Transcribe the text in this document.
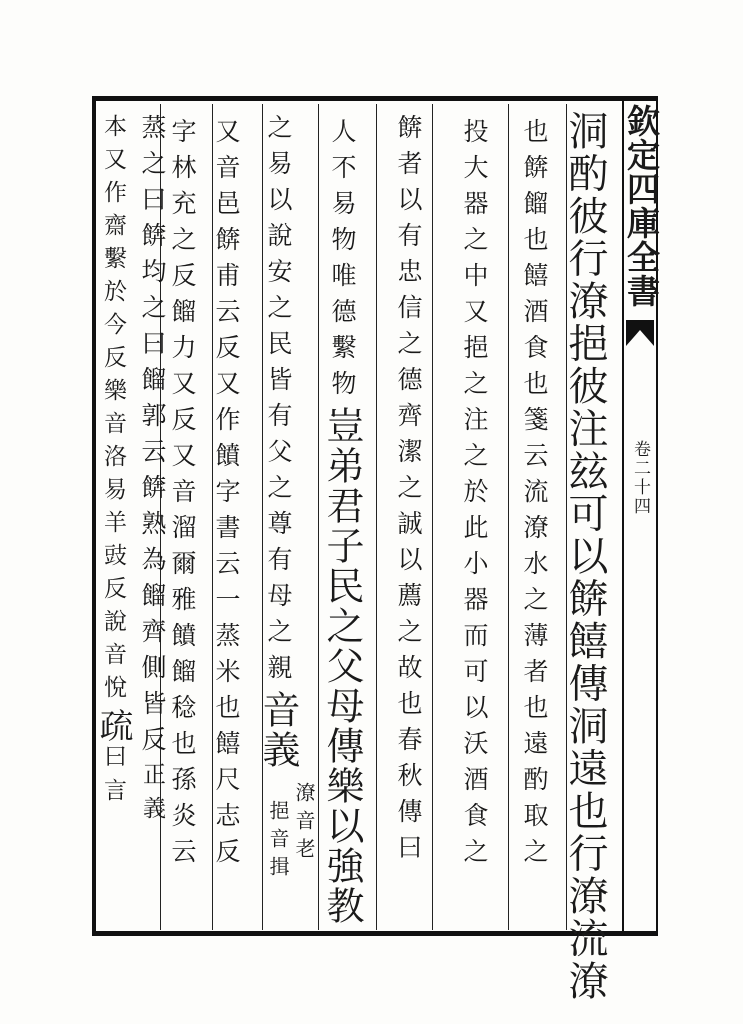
欽定四庫全書
卷二十四
洞酌彼行潦挹彼注玆可以餴饎傳洞遠也行潦流潦
也餴餾也饎酒食也箋云流潦水之薄者也遠酌取之
投大器之中又挹之注之於此小器而可以沃酒食之
餴者以有忠信之德齊潔之誠以薦之故也春秋傳曰
人不易物唯德繫物豈弟君子民之父母傳樂以強教
之易以說安之民皆有父之尊有母之親音義
潦音老
挹音揖
又音邑餴甫云反又作饙字書云一蒸米也饎尺志反
字林充之反餾力又反又音溜爾雅饙餾稔也孫炎云
蒸之曰餴均之曰餾郭云餴熟為餾齊側皆反正義
本又作齋繫於今反樂音洛易羊豉反說音悅疏曰言
